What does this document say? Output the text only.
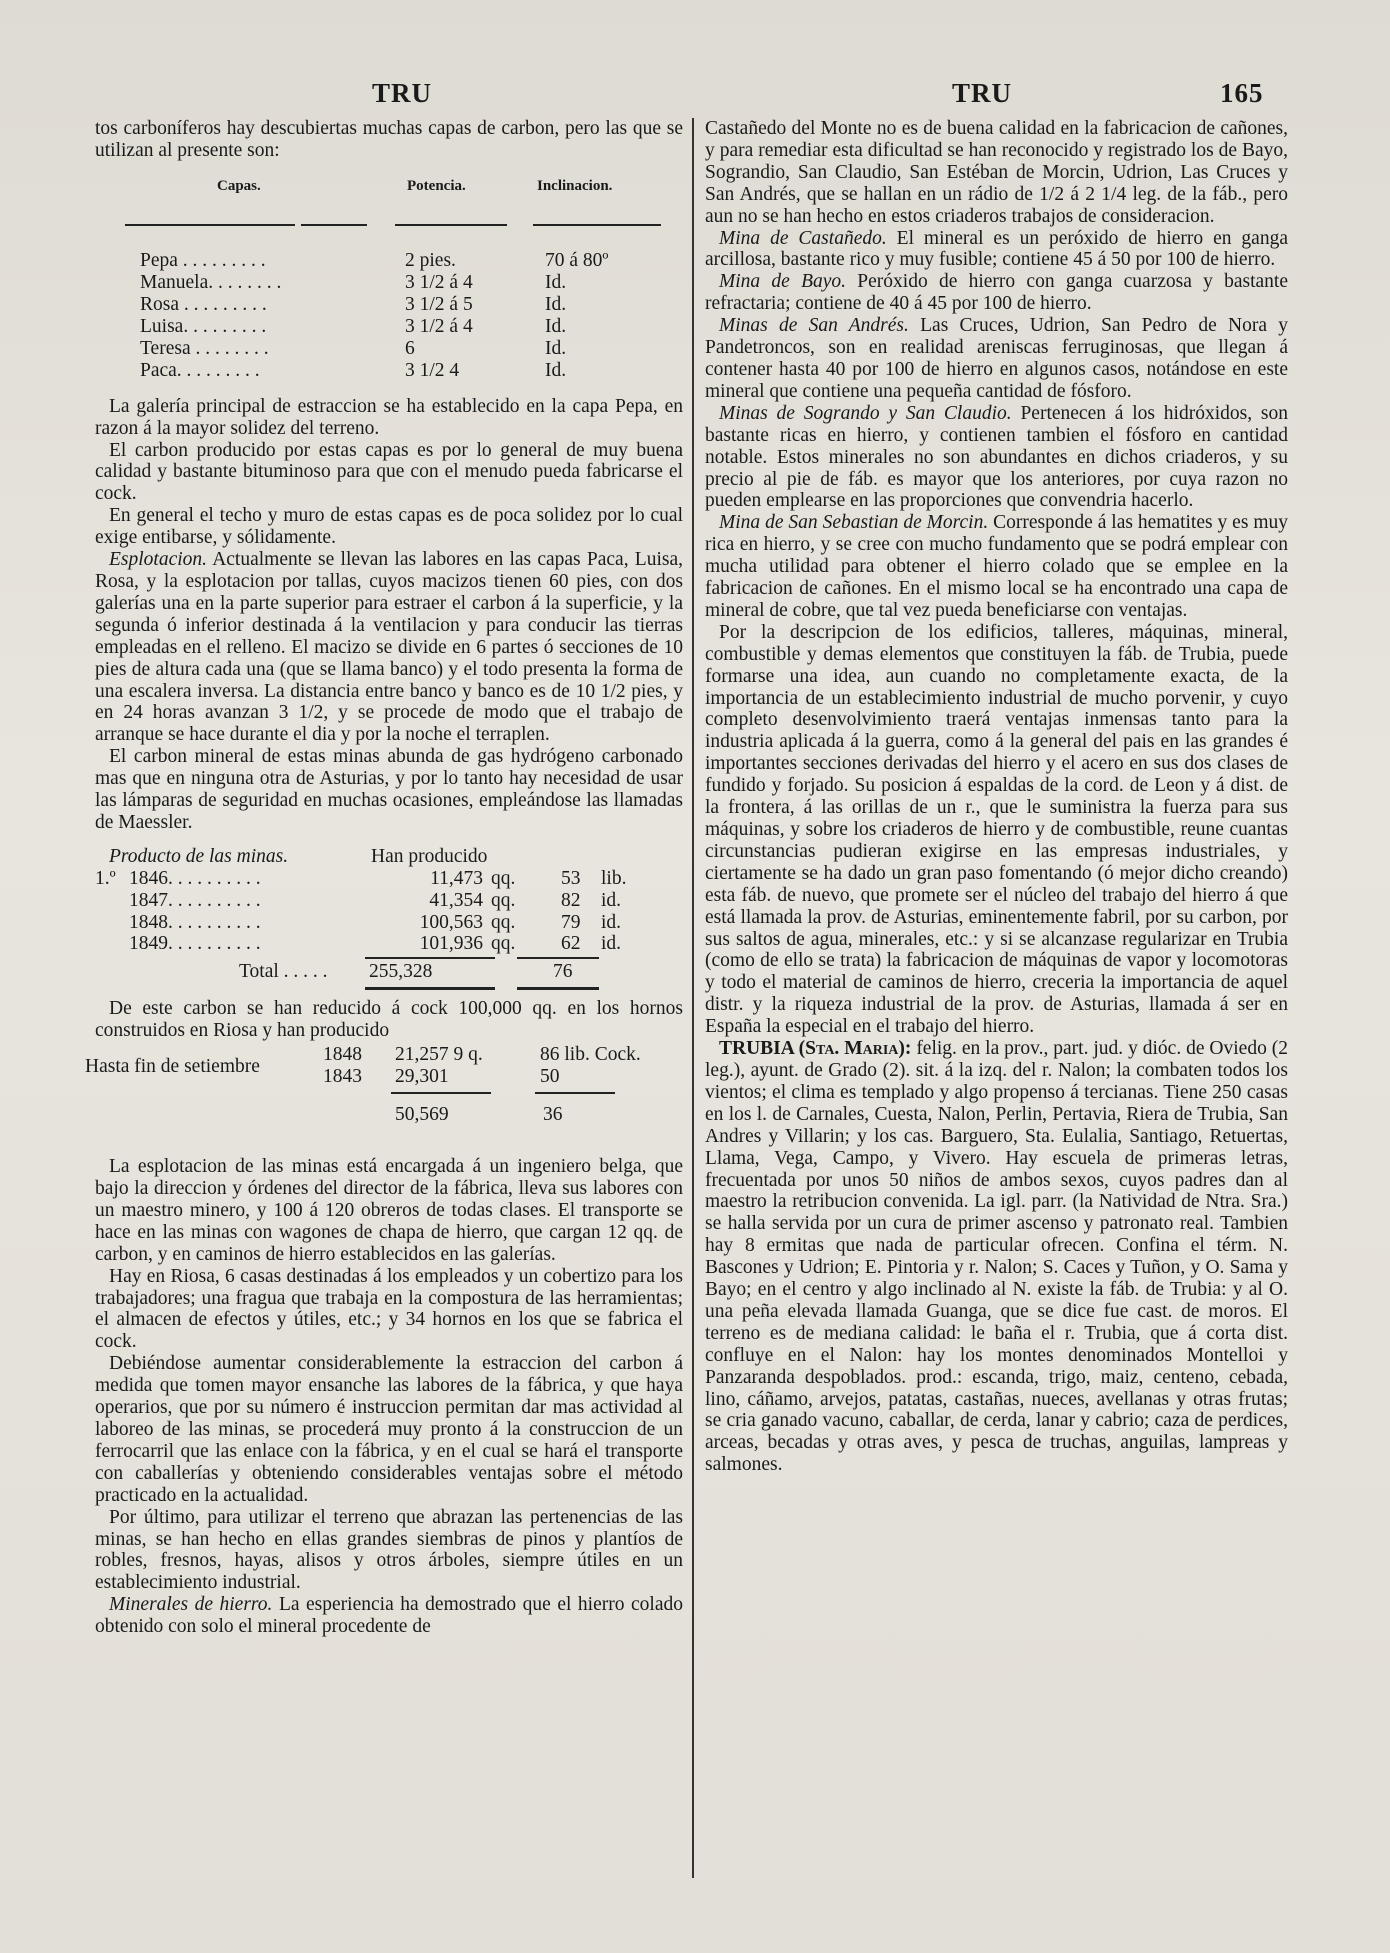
TRU	TRU	165

tos carboníferos hay descubiertas muchas capas de carbon, pero las que se utilizan al presente son:

Capas.	Potencia.	Inclinacion.
Pepa . . . . . . . . .	2 pies.	70 á 80º
Manuela. . . . . . . .	3 1/2 á 4	Id.
Rosa . . . . . . . . .	3 1/2 á 5	Id.
Luisa. . . . . . . . .	3 1/2 á 4	Id.
Teresa . . . . . . . .	6	Id.
Paca. . . . . . . . .	3 1/2 4	Id.

La galería principal de estraccion se ha establecido en la capa Pepa, en razon á la mayor solidez del terreno.

El carbon producido por estas capas es por lo general de muy buena calidad y bastante bituminoso para que con el menudo pueda fabricarse el cock.

En general el techo y muro de estas capas es de poca solidez por lo cual exige entibarse, y sólidamente.

Esplotacion. Actualmente se llevan las labores en las capas Paca, Luisa, Rosa, y la esplotacion por tallas, cuyos macizos tienen 60 pies, con dos galerías una en la parte superior para estraer el carbon á la superficie, y la segunda ó inferior destinada á la ventilacion y para conducir las tierras empleadas en el relleno. El macizo se divide en 6 partes ó secciones de 10 pies de altura cada una (que se llama banco) y el todo presenta la forma de una escalera inversa. La distancia entre banco y banco es de 10 1/2 pies, y en 24 horas avanzan 3 1/2, y se procede de modo que el trabajo de arranque se hace durante el dia y por la noche el terraplen.

El carbon mineral de estas minas abunda de gas hydrógeno carbonado mas que en ninguna otra de Asturias, y por lo tanto hay necesidad de usar las lámparas de seguridad en muchas ocasiones, empleándose las llamadas de Maessler.

Producto de las minas.	Han producido
1.º 1846. . . . . . . . . .	11,473 qq.	53	lib.
1847. . . . . . . . . .	41,354 qq.	82	id.
1848. . . . . . . . . .	100,563 qq.	79	id.
1849. . . . . . . . . .	101,936 qq.	62	id.
Total . . . . .	255,328	76

De este carbon se han reducido á cock 100,000 qq. en los hornos construidos en Riosa y han producido

1848 21,257 9 q.	86 lib. Cock.
Hasta fin de setiembre	1843 29,301	50
50,569	36

La esplotacion de las minas está encargada á un ingeniero belga, que bajo la direccion y órdenes del director de la fábrica, lleva sus labores con un maestro minero, y 100 á 120 obreros de todas clases. El transporte se hace en las minas con wagones de chapa de hierro, que cargan 12 qq. de carbon, y en caminos de hierro establecidos en las galerías.

Hay en Riosa, 6 casas destinadas á los empleados y un cobertizo para los trabajadores; una fragua que trabaja en la compostura de las herramientas; el almacen de efectos y útiles, etc.; y 34 hornos en los que se fabrica el cock.

Debiéndose aumentar considerablemente la estraccion del carbon á medida que tomen mayor ensanche las labores de la fábrica, y que haya operarios, que por su número é instruccion permitan dar mas actividad al laboreo de las minas, se procederá muy pronto á la construccion de un ferrocarril que las enlace con la fábrica, y en el cual se hará el transporte con caballerías y obteniendo considerables ventajas sobre el método practicado en la actualidad.

Por último, para utilizar el terreno que abrazan las pertenencias de las minas, se han hecho en ellas grandes siembras de pinos y plantíos de robles, fresnos, hayas, alisos y otros árboles, siempre útiles en un establecimiento industrial.

Minerales de hierro. La esperiencia ha demostrado que el hierro colado obtenido con solo el mineral procedente de

Castañedo del Monte no es de buena calidad en la fabricacion de cañones, y para remediar esta dificultad se han reconocido y registrado los de Bayo, Sograndio, San Claudio, San Estéban de Morcin, Udrion, Las Cruces y San Andrés, que se hallan en un rádio de 1/2 á 2 1/4 leg. de la fáb., pero aun no se han hecho en estos criaderos trabajos de consideracion.

Mina de Castañedo. El mineral es un peróxido de hierro en ganga arcillosa, bastante rico y muy fusible; contiene 45 á 50 por 100 de hierro.

Mina de Bayo. Peróxido de hierro con ganga cuarzosa y bastante refractaria; contiene de 40 á 45 por 100 de hierro.

Minas de San Andrés. Las Cruces, Udrion, San Pedro de Nora y Pandetroncos, son en realidad areniscas ferruginosas, que llegan á contener hasta 40 por 100 de hierro en algunos casos, notándose en este mineral que contiene una pequeña cantidad de fósforo.

Minas de Sogrando y San Claudio. Pertenecen á los hidróxidos, son bastante ricas en hierro, y contienen tambien el fósforo en cantidad notable. Estos minerales no son abundantes en dichos criaderos, y su precio al pie de fáb. es mayor que los anteriores, por cuya razon no pueden emplearse en las proporciones que convendria hacerlo.

Mina de San Sebastian de Morcin. Corresponde á las hematites y es muy rica en hierro, y se cree con mucho fundamento que se podrá emplear con mucha utilidad para obtener el hierro colado que se emplee en la fabricacion de cañones. En el mismo local se ha encontrado una capa de mineral de cobre, que tal vez pueda beneficiarse con ventajas.

Por la descripcion de los edificios, talleres, máquinas, mineral, combustible y demas elementos que constituyen la fáb. de Trubia, puede formarse una idea, aun cuando no completamente exacta, de la importancia de un establecimiento industrial de mucho porvenir, y cuyo completo desenvolvimiento traerá ventajas inmensas tanto para la industria aplicada á la guerra, como á la general del pais en las grandes é importantes secciones derivadas del hierro y el acero en sus dos clases de fundido y forjado. Su posicion á espaldas de la cord. de Leon y á dist. de la frontera, á las orillas de un r., que le suministra la fuerza para sus máquinas, y sobre los criaderos de hierro y de combustible, reune cuantas circunstancias pudieran exigirse en las empresas industriales, y ciertamente se ha dado un gran paso fomentando (ó mejor dicho creando) esta fáb. de nuevo, que promete ser el núcleo del trabajo del hierro á que está llamada la prov. de Asturias, eminentemente fabril, por su carbon, por sus saltos de agua, minerales, etc.: y si se alcanzase regularizar en Trubia (como de ello se trata) la fabricacion de máquinas de vapor y locomotoras y todo el material de caminos de hierro, creceria la importancia de aquel distr. y la riqueza industrial de la prov. de Asturias, llamada á ser en España la especial en el trabajo del hierro.

TRUBIA (Sta. Maria): felig. en la prov., part. jud. y dióc. de Oviedo (2 leg.), ayunt. de Grado (2). sit. á la izq. del r. Nalon; la combaten todos los vientos; el clima es templado y algo propenso á tercianas. Tiene 250 casas en los l. de Carnales, Cuesta, Nalon, Perlin, Pertavia, Riera de Trubia, San Andres y Villarin; y los cas. Barguero, Sta. Eulalia, Santiago, Retuertas, Llama, Vega, Campo, y Vivero. Hay escuela de primeras letras, frecuentada por unos 50 niños de ambos sexos, cuyos padres dan al maestro la retribucion convenida. La igl. parr. (la Natividad de Ntra. Sra.) se halla servida por un cura de primer ascenso y patronato real. Tambien hay 8 ermitas que nada de particular ofrecen. Confina el térm. N. Bascones y Udrion; E. Pintoria y r. Nalon; S. Caces y Tuñon, y O. Sama y Bayo; en el centro y algo inclinado al N. existe la fáb. de Trubia: y al O. una peña elevada llamada Guanga, que se dice fue cast. de moros. El terreno es de mediana calidad: le baña el r. Trubia, que á corta dist. confluye en el Nalon: hay los montes denominados Montelloi y Panzaranda despoblados. prod.: escanda, trigo, maiz, centeno, cebada, lino, cáñamo, arvejos, patatas, castañas, nueces, avellanas y otras frutas; se cria ganado vacuno, caballar, de cerda, lanar y cabrio; caza de perdices, arceas, becadas y otras aves, y pesca de truchas, anguilas, lampreas y salmones.
